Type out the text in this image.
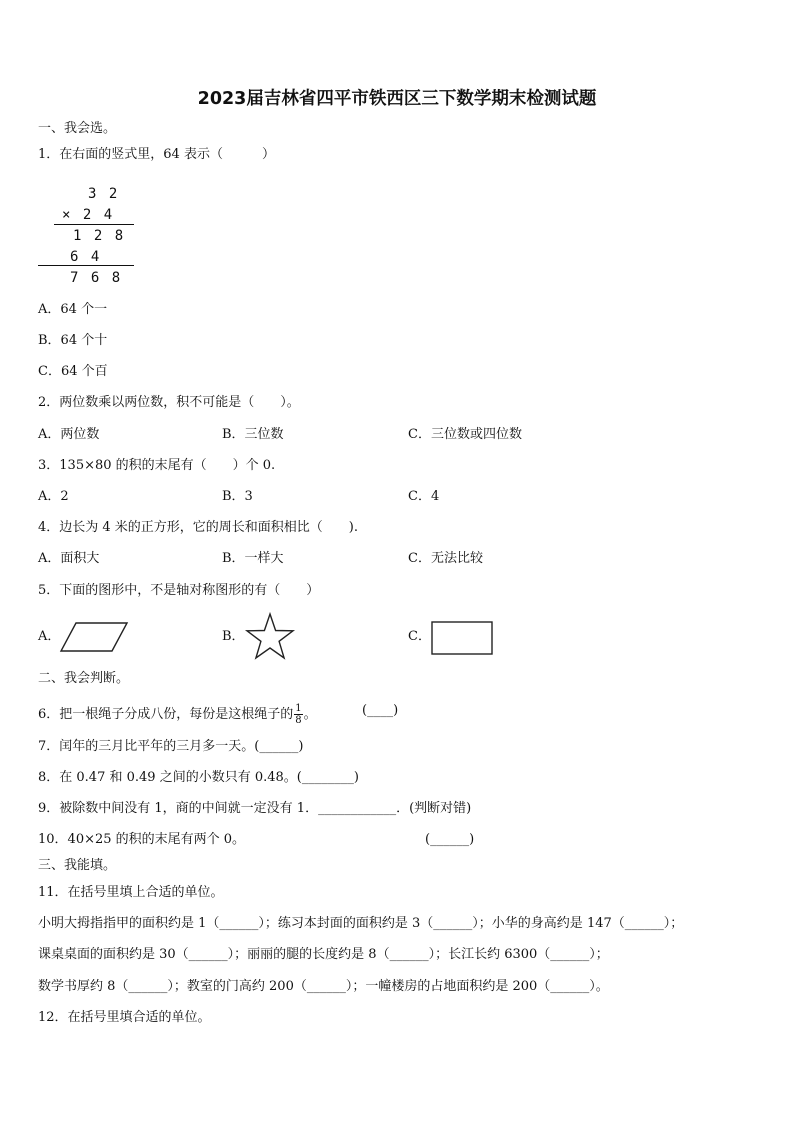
2023届吉林省四平市铁西区三下数学期末检测试题
一、我会选。
1．在右面的竖式里，64 表示（　　　）
3 2
× 2 4
1 2 8
6 4
7 6 8
A．64 个一
B．64 个十
C．64 个百
2．两位数乘以两位数，积不可能是（　　）。
A．两位数	B．三位数	C．三位数或四位数
3．135×80 的积的末尾有（　　）个 0.
A．2	B．3	C．4
4．边长为 4 米的正方形，它的周长和面积相比（　　).
A．面积大	B．一样大	C．无法比较
5．下面的图形中，不是轴对称图形的有（　　）
A．	B．	C．
二、我会判断。
6．把一根绳子分成八份，每份是这根绳子的 $\frac{1}{8}$ 。	(____)
7．闰年的三月比平年的三月多一天。(______)
8．在 0.47 和 0.49 之间的小数只有 0.48。(________)
9．被除数中间没有 1，商的中间就一定没有 1．____________．(判断对错)
10．40×25 的积的末尾有两个 0。	(______)
三、我能填。
11．在括号里填上合适的单位。
小明大拇指指甲的面积约是 1（______）；练习本封面的面积约是 3（______）；小华的身高约是 147（______）；
课桌桌面的面积约是 30（______）；丽丽的腿的长度约是 8（______）；长江长约 6300（______）；
数学书厚约 8（______）；教室的门高约 200（______）；一幢楼房的占地面积约是 200（______）。
12．在括号里填合适的单位。
